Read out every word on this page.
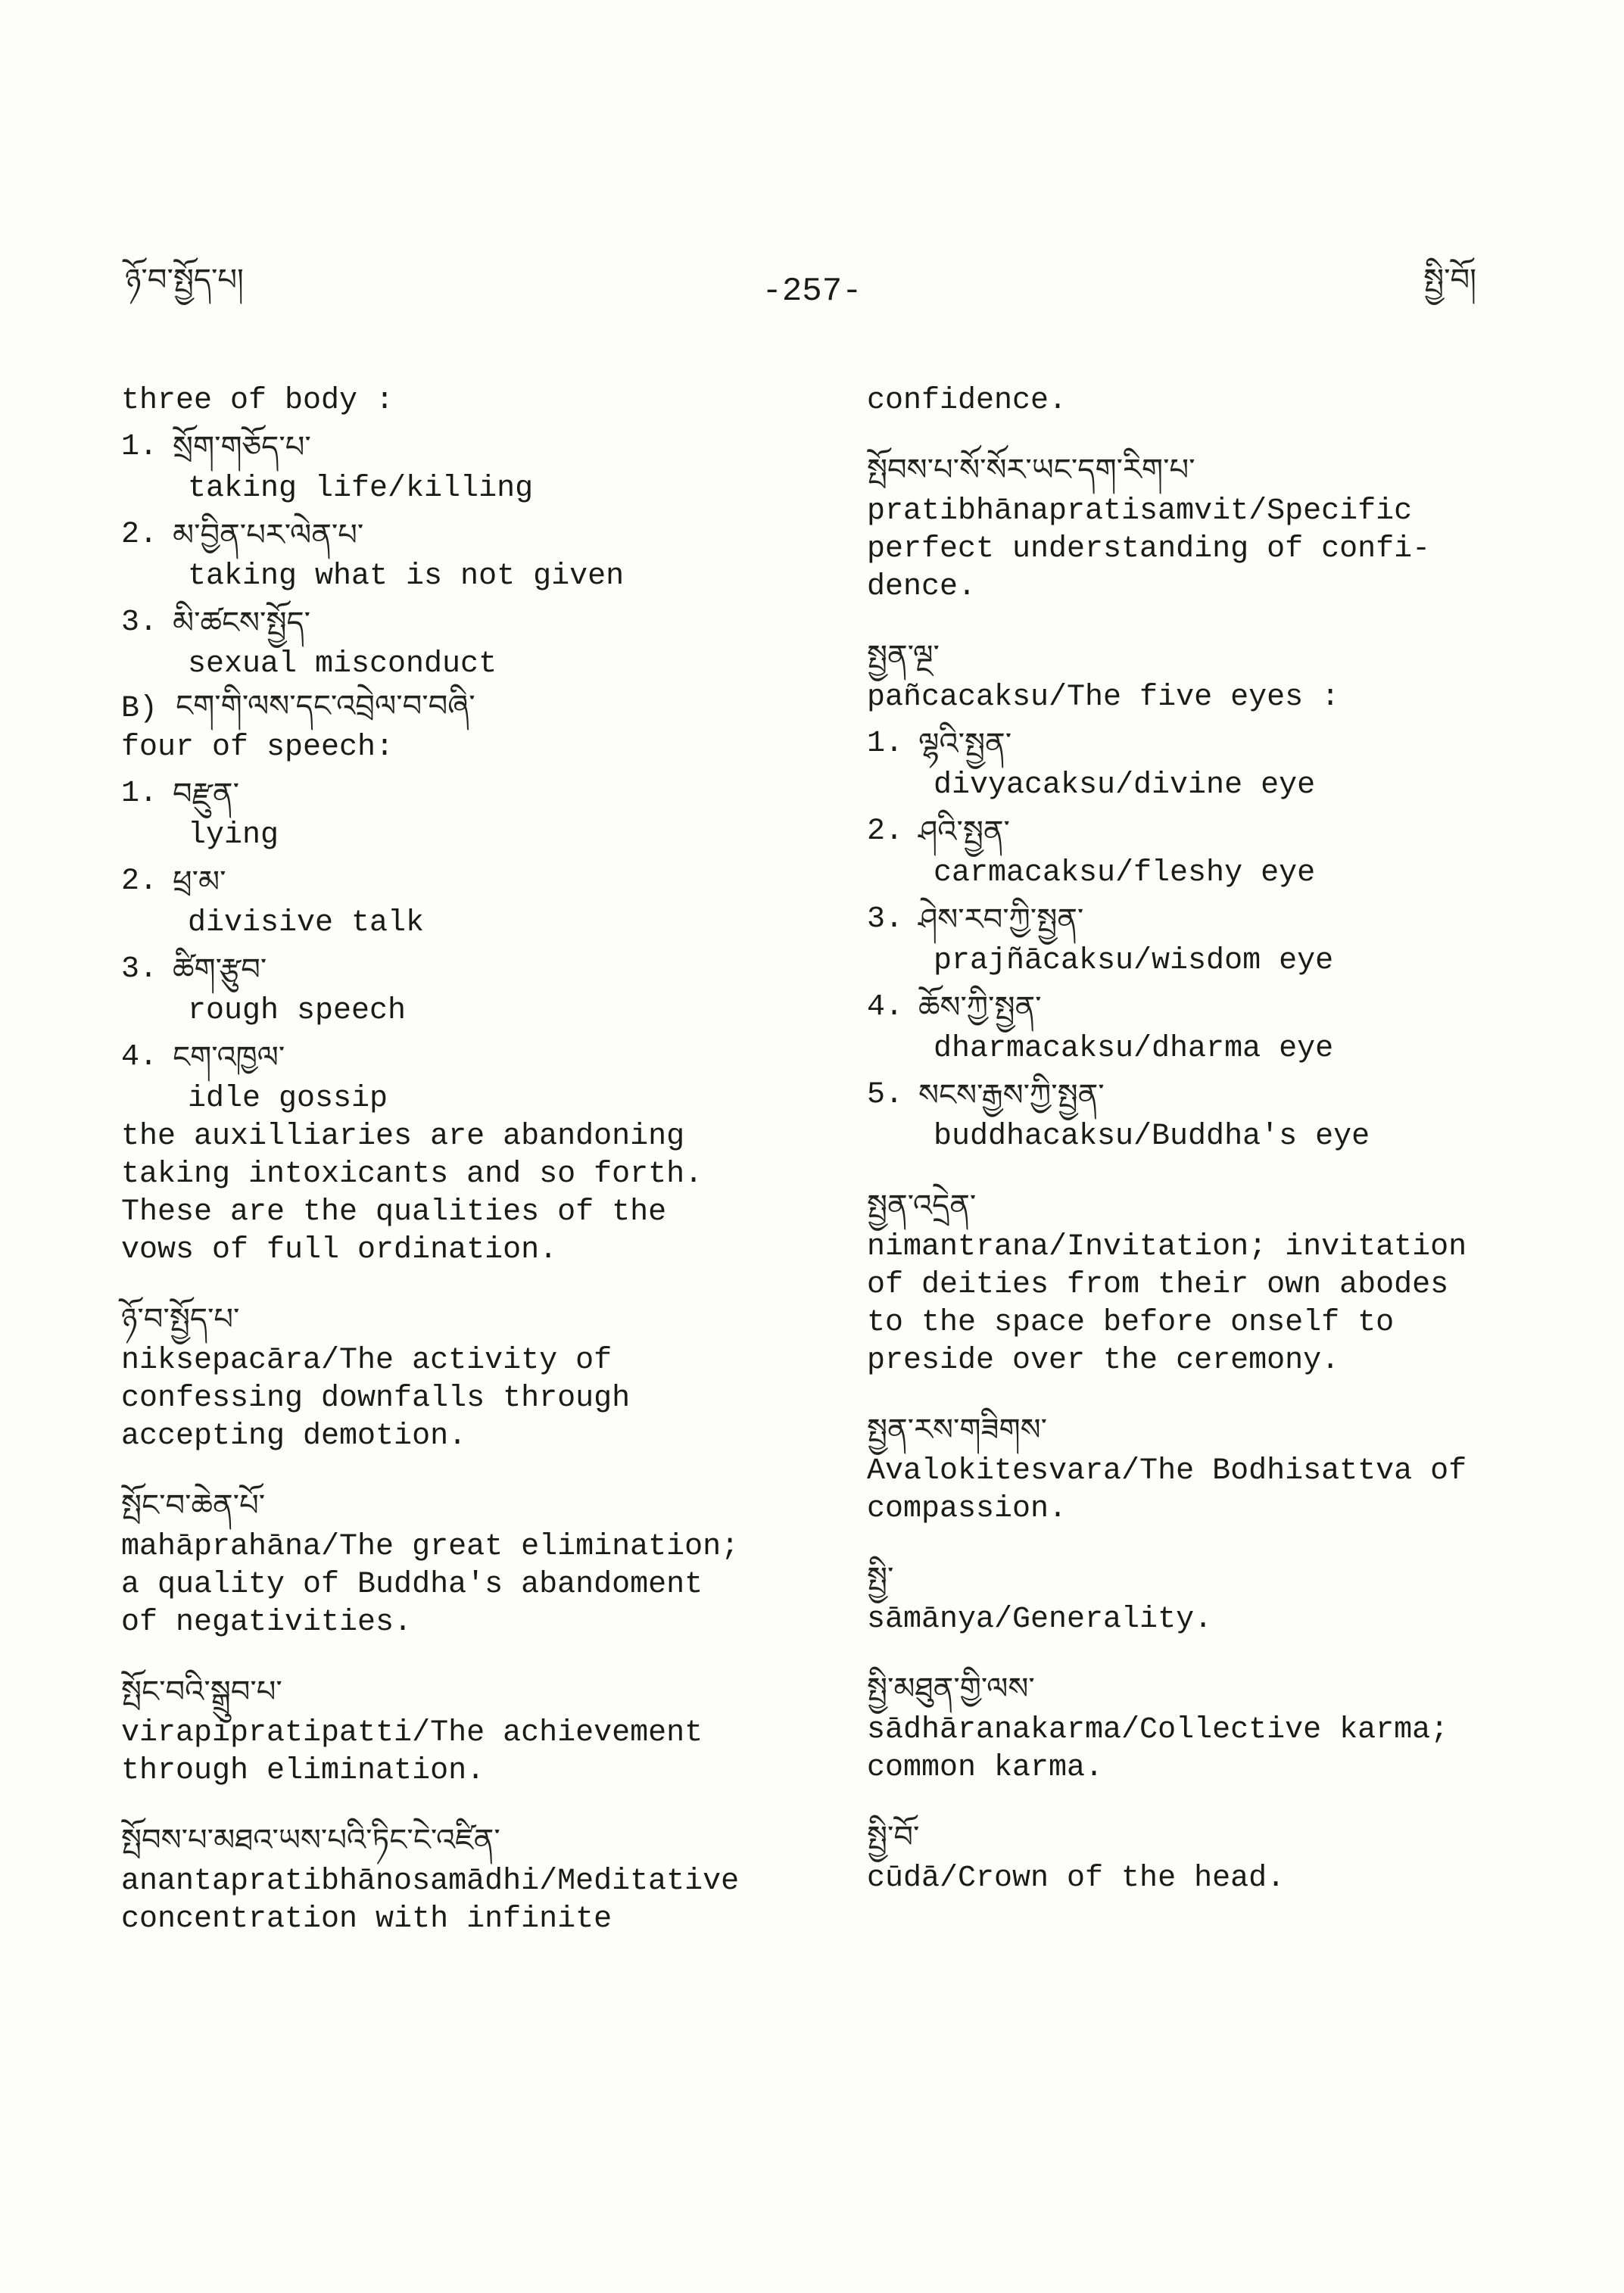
ཉོ་བ་སྤྱོད་པ།	-257-	སྤྱི་བོ།
three of body :
1. སྲོག་གཅོད་པ་
taking life/killing
2. མ་བྱིན་པར་ལེན་པ་
taking what is not given
3. མི་ཚངས་སྤྱོད་
sexual misconduct
B) ངག་གི་ལས་དང་འབྲེལ་བ་བཞི་
four of speech:
1. བརྫུན་
lying
2. ཕྲ་མ་
divisive talk
3. ཚིག་རྩུབ་
rough speech
4. ངག་འཁྱལ་
idle gossip
the auxilliaries are abandoning
taking intoxicants and so forth.
These are the qualities of the
vows of full ordination.
ཉོ་བ་སྤྱོད་པ་
niksepacāra/The activity of
confessing downfalls through
accepting demotion.
སྤོང་བ་ཆེན་པོ་
mahāprahāna/The great elimination;
a quality of Buddha's abandoment
of negativities.
སྤོང་བའི་སྒྲུབ་པ་
virapipratipatti/The achievement
through elimination.
སྤོབས་པ་མཐའ་ཡས་པའི་ཏིང་ངེ་འཛིན་
anantapratibhānosamādhi/Meditative
concentration with infinite
confidence.
སྤོབས་པ་སོ་སོར་ཡང་དག་རིག་པ་
pratibhānapratisamvit/Specific
perfect understanding of confi-
dence.
སྤྱན་ལྔ་
pañcacaksu/The five eyes :
1. ལྷའི་སྤྱན་
divyacaksu/divine eye
2. ཤའི་སྤྱན་
carmacaksu/fleshy eye
3. ཤེས་རབ་ཀྱི་སྤྱན་
prajñācaksu/wisdom eye
4. ཆོས་ཀྱི་སྤྱན་
dharmacaksu/dharma eye
5. སངས་རྒྱས་ཀྱི་སྤྱན་
buddhacaksu/Buddha's eye
སྤྱན་འདྲེན་
nimantrana/Invitation; invitation
of deities from their own abodes
to the space before onself to
preside over the ceremony.
སྤྱན་རས་གཟིགས་
Avalokitesvara/The Bodhisattva of
compassion.
སྤྱི་
sāmānya/Generality.
སྤྱི་མཐུན་གྱི་ལས་
sādhāranakarma/Collective karma;
common karma.
སྤྱི་བོ་
cūdā/Crown of the head.
